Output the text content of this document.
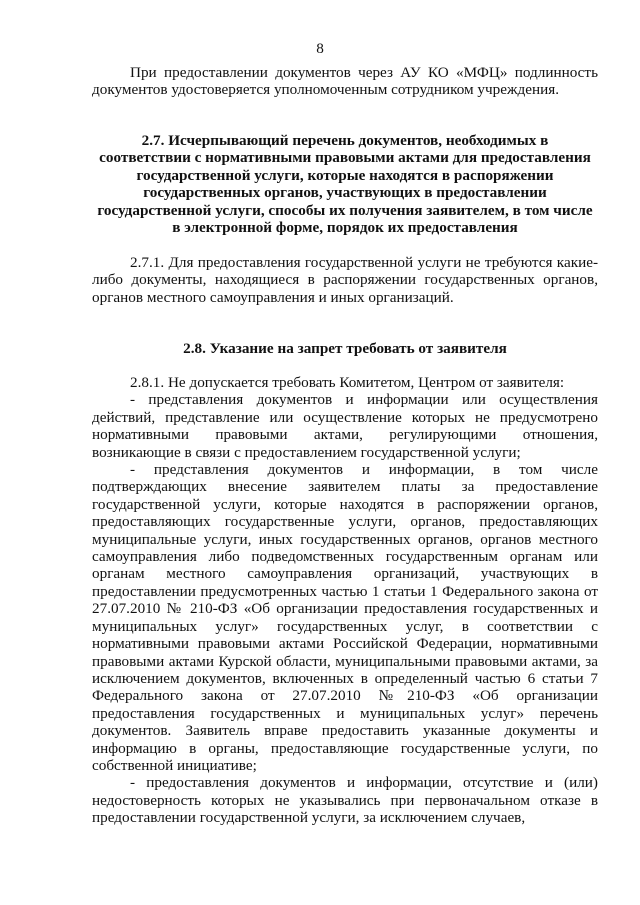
8

При предоставлении документов через АУ КО «МФЦ» подлинность документов удостоверяется уполномоченным сотрудником учреждения.

2.7. Исчерпывающий перечень документов, необходимых в
соответствии с нормативными правовыми актами для предоставления
государственной услуги, которые находятся в распоряжении
государственных органов, участвующих в предоставлении
государственной услуги, способы их получения заявителем, в том числе
в электронной форме, порядок их предоставления

2.7.1. Для предоставления государственной услуги не требуются какие-либо документы, находящиеся в распоряжении государственных органов, органов местного самоуправления и иных организаций.

2.8. Указание на запрет требовать от заявителя

2.8.1. Не допускается требовать Комитетом, Центром от заявителя:

- представления документов и информации или осуществления действий, представление или осуществление которых не предусмотрено нормативными правовыми актами, регулирующими отношения, возникающие в связи с предоставлением государственной услуги;

- представления документов и информации, в том числе подтверждающих внесение заявителем платы за предоставление государственной услуги, которые находятся в распоряжении органов, предоставляющих государственные услуги, органов, предоставляющих муниципальные услуги, иных государственных органов, органов местного самоуправления либо подведомственных государственным органам или органам местного самоуправления организаций, участвующих в предоставлении предусмотренных частью 1 статьи 1 Федерального закона от 27.07.2010 № 210-ФЗ «Об организации предоставления государственных и муниципальных услуг» государственных услуг, в соответствии с нормативными правовыми актами Российской Федерации, нормативными правовыми актами Курской области, муниципальными правовыми актами, за исключением документов, включенных в определенный частью 6 статьи 7 Федерального закона от 27.07.2010 №210-ФЗ «Об организации предоставления государственных и муниципальных услуг» перечень документов. Заявитель вправе предоставить указанные документы и информацию в органы, предоставляющие государственные услуги, по собственной инициативе;

- предоставления документов и информации, отсутствие и (или) недостоверность которых не указывались при первоначальном отказе в предоставлении государственной услуги, за исключением случаев,
